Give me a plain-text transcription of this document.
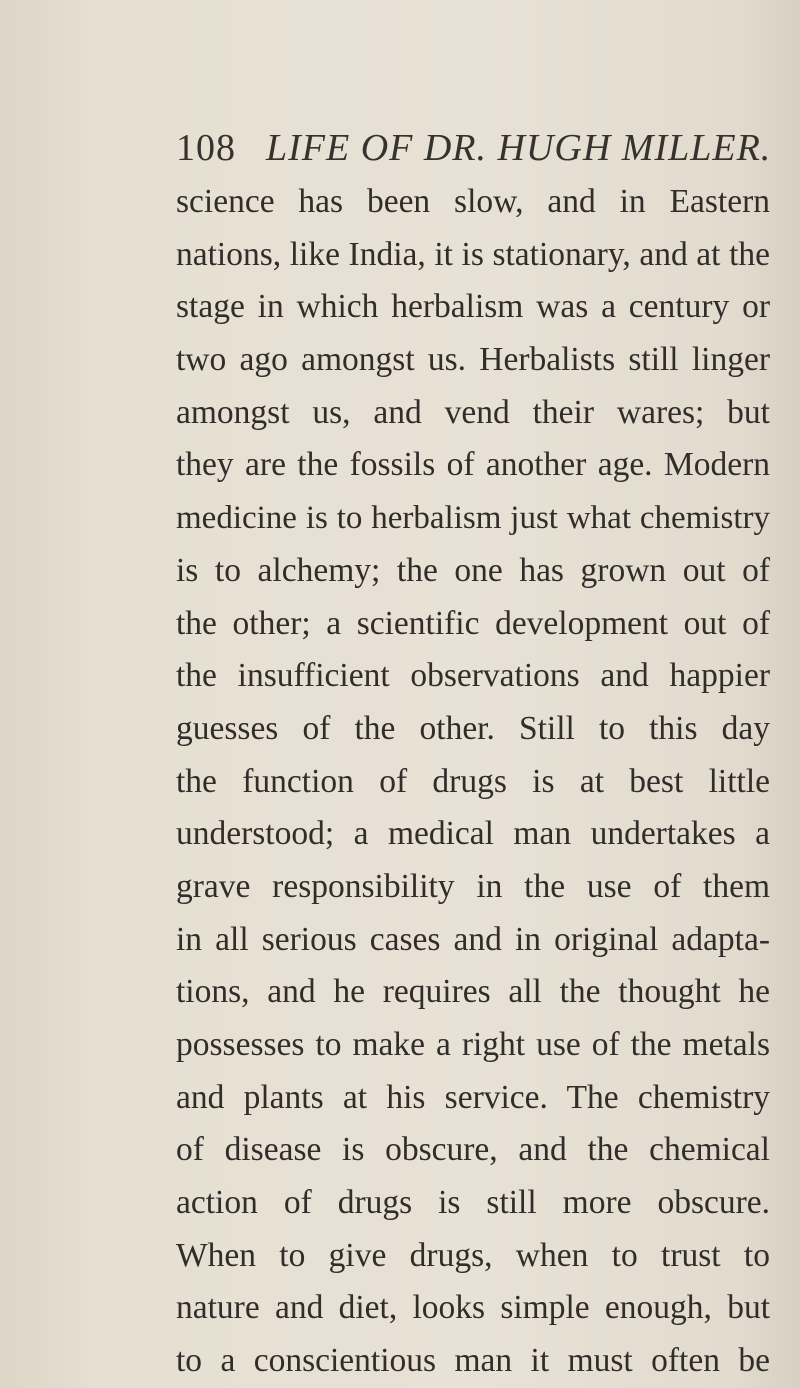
108 LIFE OF DR. HUGH MILLER.
science has been slow, and in Eastern
nations, like India, it is stationary, and at the
stage in which herbalism was a century or
two ago amongst us. Herbalists still linger
amongst us, and vend their wares; but
they are the fossils of another age. Modern
medicine is to herbalism just what chemistry
is to alchemy; the one has grown out of
the other; a scientific development out of
the insufficient observations and happier
guesses of the other. Still to this day
the function of drugs is at best little
understood; a medical man undertakes a
grave responsibility in the use of them
in all serious cases and in original adapta-
tions, and he requires all the thought he
possesses to make a right use of the metals
and plants at his service. The chemistry
of disease is obscure, and the chemical
action of drugs is still more obscure.
When to give drugs, when to trust to
nature and diet, looks simple enough, but
to a conscientious man it must often be
